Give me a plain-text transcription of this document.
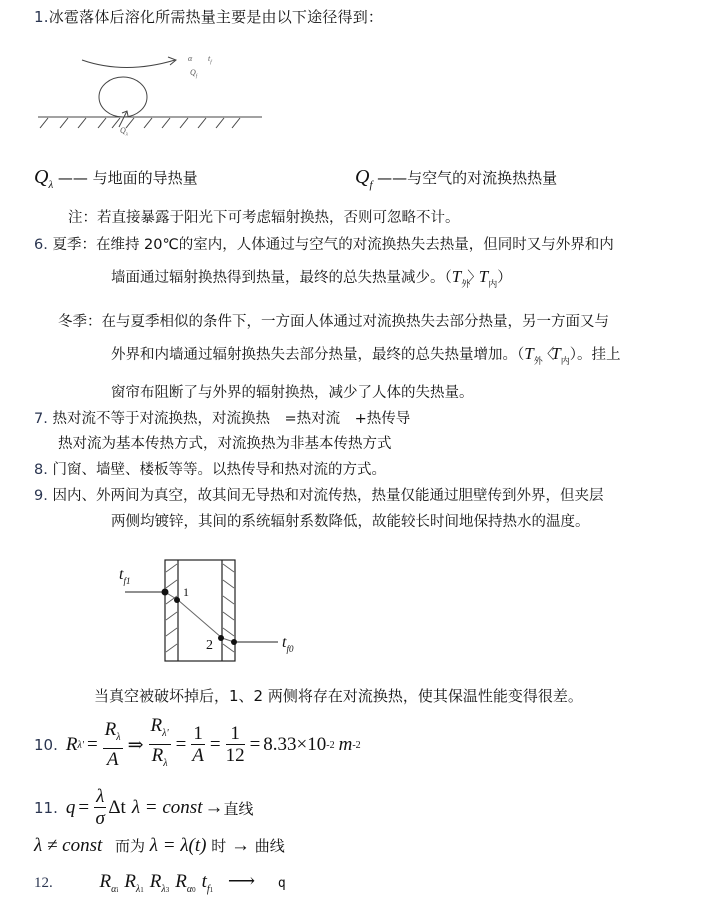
1.冰雹落体后溶化所需热量主要是由以下途径得到：
α $t_f$
$Q_f$
$Q_\lambda$
$Q_\lambda$ —— 与地面的导热量	$Q_f$ ——与空气的对流换热热量
注：若直接暴露于阳光下可考虑辐射换热，否则可忽略不计。
6. 夏季：在维持 20℃的室内，人体通过与空气的对流换热失去热量，但同时又与外界和内
墙面通过辐射换热得到热量，最终的总失热量减少。（$T_外$〉$T_内$）
冬季：在与夏季相似的条件下，一方面人体通过对流换热失去部分热量，另一方面又与
外界和内墙通过辐射换热失去部分热量，最终的总失热量增加。（$T_外$〈$T_内$）。挂上
窗帘布阻断了与外界的辐射换热，减少了人体的失热量。
7. 热对流不等于对流换热，对流换热　=热对流　+热传导
热对流为基本传热方式，对流换热为非基本传热方式
8. 门窗、墙壁、楼板等等。以热传导和热对流的方式。
9. 因内、外两间为真空，故其间无导热和对流传热，热量仅能通过胆壁传到外界，但夹层
两侧均镀锌，其间的系统辐射系数降低，故能较长时间地保持热水的温度。
$t_{f1}$
1
2	$t_{f0}$
当真空被破坏掉后，1、2 两侧将存在对流换热，使其保温性能变得很差。
10. R $\lambda' = \frac{R_\lambda}{A}$ ⇒ $\frac{R_{\lambda'}}{R_\lambda} = \frac{1}{A} = \frac{1}{12} = 8.33\times 10$ -2 m -2
11. $q = \frac{\lambda}{\sigma}$ Δt λ = const → 直线
λ ≠ const 而为 λ = λ(t) 时 → 曲线
12. $R_{\alpha i}$ $R_{\lambda 1}$ $R_{\lambda 3}$ $R_{\alpha 0}$ $t_{f1}$ ⟶ q
